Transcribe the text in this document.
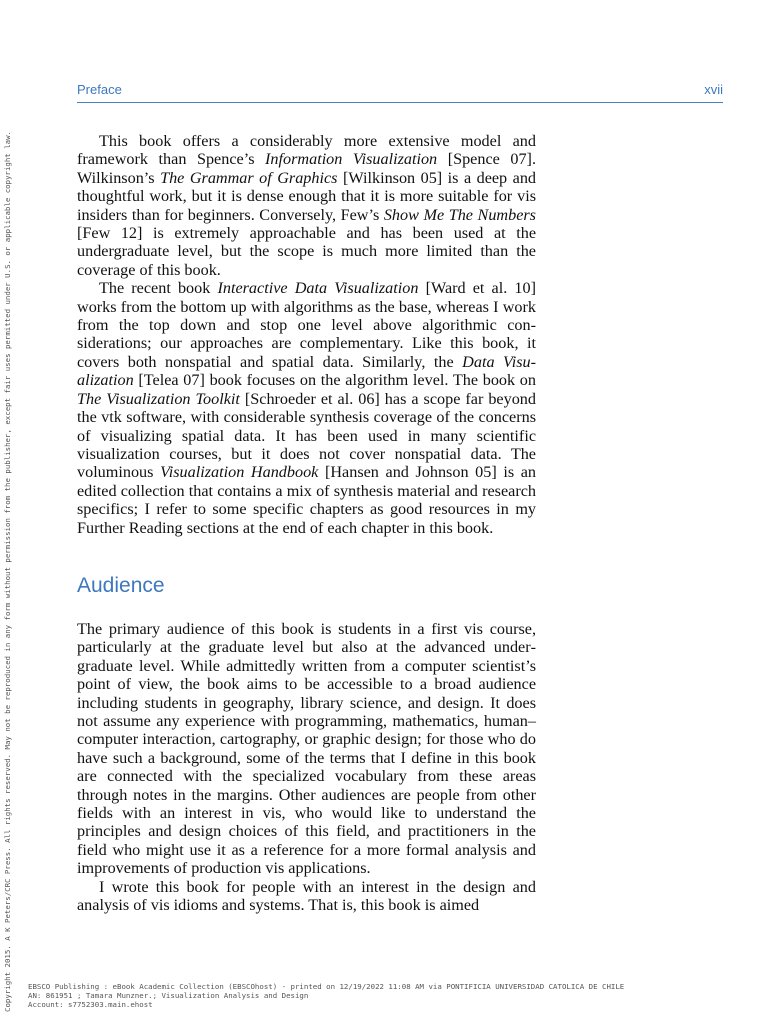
Preface	xvii

This book offers a considerably more extensive model and framework than Spence’s Information Visualization [Spence 07]. Wilkinson’s The Grammar of Graphics [Wilkinson 05] is a deep and thoughtful work, but it is dense enough that it is more suitable for vis insiders than for beginners. Conversely, Few’s Show Me The Numbers [Few 12] is extremely approachable and has been used at the undergraduate level, but the scope is much more limited than the coverage of this book.

The recent book Interactive Data Visualization [Ward et al. 10] works from the bottom up with algorithms as the base, whereas I work from the top down and stop one level above algorithmic considerations; our approaches are complementary. Like this book, it covers both nonspatial and spatial data. Similarly, the Data Visualization [Telea 07] book focuses on the algorithm level. The book on The Visualization Toolkit [Schroeder et al. 06] has a scope far beyond the vtk software, with considerable synthesis coverage of the concerns of visualizing spatial data. It has been used in many scientific visualization courses, but it does not cover nonspatial data. The voluminous Visualization Handbook [Hansen and Johnson 05] is an edited collection that contains a mix of synthesis material and research specifics; I refer to some specific chapters as good resources in my Further Reading sections at the end of each chapter in this book.

Audience

The primary audience of this book is students in a first vis course, particularly at the graduate level but also at the advanced undergraduate level. While admittedly written from a computer scientist’s point of view, the book aims to be accessible to a broad audience including students in geography, library science, and design. It does not assume any experience with programming, mathematics, human–computer interaction, cartography, or graphic design; for those who do have such a background, some of the terms that I define in this book are connected with the specialized vocabulary from these areas through notes in the margins. Other audiences are people from other fields with an interest in vis, who would like to understand the principles and design choices of this field, and practitioners in the field who might use it as a reference for a more formal analysis and improvements of production vis applications.

I wrote this book for people with an interest in the design and analysis of vis idioms and systems. That is, this book is aimed

Copyright 2015. A K Peters/CRC Press. All rights reserved. May not be reproduced in any form without permission from the publisher, except fair uses permitted under U.S. or applicable copyright law. EBSCO Publishing : eBook Academic Collection (EBSCOhost) - printed on 12/19/2022 11:08 AM via PONTIFICIA UNIVERSIDAD CATOLICA DE CHILE
AN: 861951 ; Tamara Munzner.; Visualization Analysis and Design
Account: s7752303.main.ehost
